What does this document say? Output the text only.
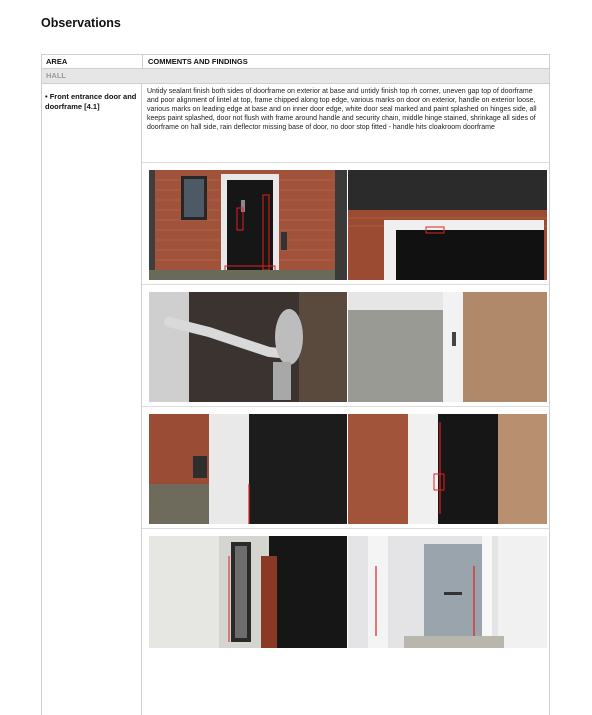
Observations
AREA	COMMENTS AND FINDINGS
HALL
• Front entrance door and doorframe [4.1]
Untidy sealant finish both sides of doorframe on exterior at base and untidy finish top rh corner, uneven gap top of doorframe and poor alignment of lintel at top, frame chipped along top edge, various marks on door on exterior, handle on exterior loose, various marks on leading edge at base and on inner door edge, white door seal marked and paint splashed on hinges side, all keeps paint splashed, door not flush with frame around handle and security chain, middle hinge stained, shrinkage all sides of doorframe on hall side, rain deflector missing base of door, no door stop fitted - handle hits cloakroom doorframe
